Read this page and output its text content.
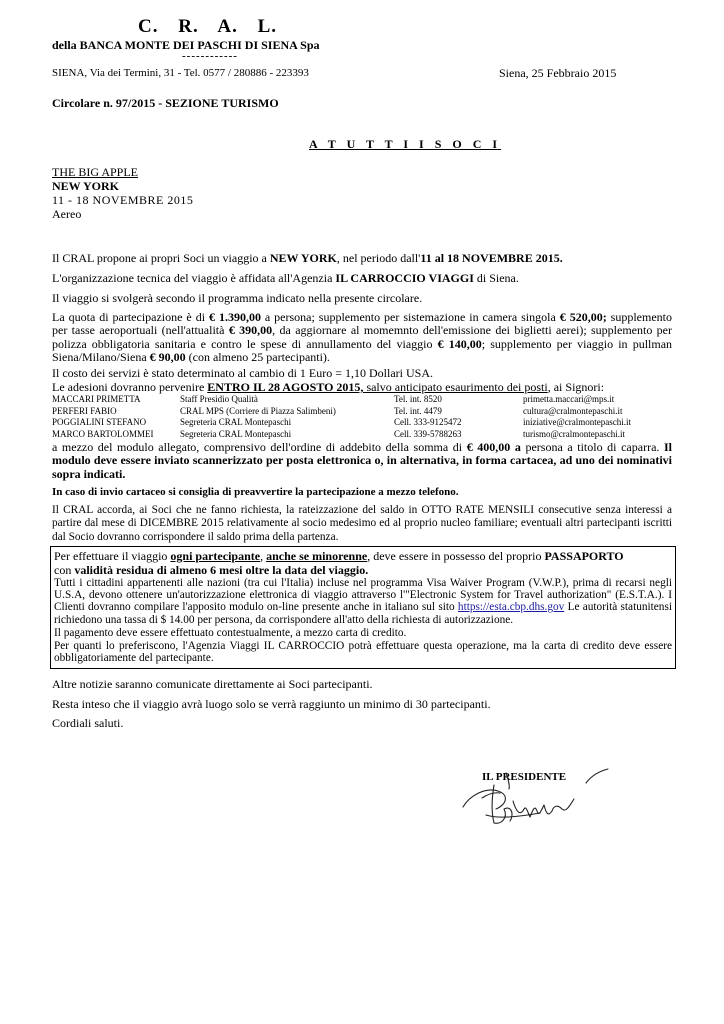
C. R. A. L.
della BANCA MONTE DEI PASCHI DI SIENA Spa
------------
SIENA, Via dei Termini, 31 - Tel. 0577 / 280886 - 223393	Siena, 25 Febbraio 2015
Circolare n. 97/2015 - SEZIONE TURISMO
A T U T T I I S O C I
THE BIG APPLE
NEW YORK
11 - 18 NOVEMBRE 2015
Aereo
Il CRAL propone ai propri Soci un viaggio a NEW YORK, nel periodo dall'11 al 18 NOVEMBRE 2015.
L'organizzazione tecnica del viaggio è affidata all'Agenzia IL CARROCCIO VIAGGI di Siena.
Il viaggio si svolgerà secondo il programma indicato nella presente circolare.
La quota di partecipazione è di € 1.390,00 a persona; supplemento per sistemazione in camera singola € 520,00; supplemento per tasse aeroportuali (nell'attualità € 390,00, da aggiornare al momemnto dell'emissione dei biglietti aerei); supplemento per polizza obbligatoria sanitaria e contro le spese di annullamento del viaggio € 140,00; supplemento per viaggio in pullman Siena/Milano/Siena € 90,00 (con almeno 25 partecipanti).
Il costo dei servizi è stato determinato al cambio di 1 Euro = 1,10 Dollari USA.
Le adesioni dovranno pervenire ENTRO IL 28 AGOSTO 2015, salvo anticipato esaurimento dei posti, ai Signori:
MACCARI PRIMETTA	Staff Presidio Qualità	Tel. int. 8520	primetta.maccari@mps.it
PERFERI FABIO	CRAL MPS (Corriere di Piazza Salimbeni)	Tel. int. 4479	cultura@cralmontepaschi.it
POGGIALINI STEFANO	Segreteria CRAL Montepaschi	Cell. 333-9125472	iniziative@cralmontepaschi.it
MARCO BARTOLOMMEI	Segreteria CRAL Montepaschi	Cell. 339-5788263	turismo@cralmontepaschi.it
a mezzo del modulo allegato, comprensivo dell'ordine di addebito della somma di € 400,00 a persona a titolo di caparra. Il modulo deve essere inviato scannerizzato per posta elettronica o, in alternativa, in forma cartacea, ad uno dei nominativi sopra indicati.
In caso di invio cartaceo si consiglia di preavvertire la partecipazione a mezzo telefono.
Il CRAL accorda, ai Soci che ne fanno richiesta, la rateizzazione del saldo in OTTO RATE MENSILI consecutive senza interessi a partire dal mese di DICEMBRE 2015 relativamente al socio medesimo ed al proprio nucleo familiare; eventuali altri partecipanti iscritti dal Socio dovranno corrispondere il saldo prima della partenza.
Per effettuare il viaggio ogni partecipante, anche se minorenne, deve essere in possesso del proprio PASSAPORTO
con validità residua di almeno 6 mesi oltre la data del viaggio.
Tutti i cittadini appartenenti alle nazioni (tra cui l'Italia) incluse nel programma Visa Waiver Program (V.W.P.), prima di recarsi negli U.S.A, devono ottenere un'autorizzazione elettronica di viaggio attraverso l'"Electronic System for Travel authorization" (E.S.T.A.). I Clienti dovranno compilare l'apposito modulo on-line presente anche in italiano sul sito https://esta.cbp.dhs.gov Le autorità statunitensi richiedono una tassa di $ 14.00 per persona, da corrispondere all'atto della richiesta di autorizzazione.
Il pagamento deve essere effettuato contestualmente, a mezzo carta di credito.
Per quanti lo preferiscono, l'Agenzia Viaggi IL CARROCCIO potrà effettuare questa operazione, ma la carta di credito deve essere obbligatoriamente del partecipante.
Altre notizie saranno comunicate direttamente ai Soci partecipanti.
Resta inteso che il viaggio avrà luogo solo se verrà raggiunto un minimo di 30 partecipanti.
Cordiali saluti.
IL PRESIDENTE
